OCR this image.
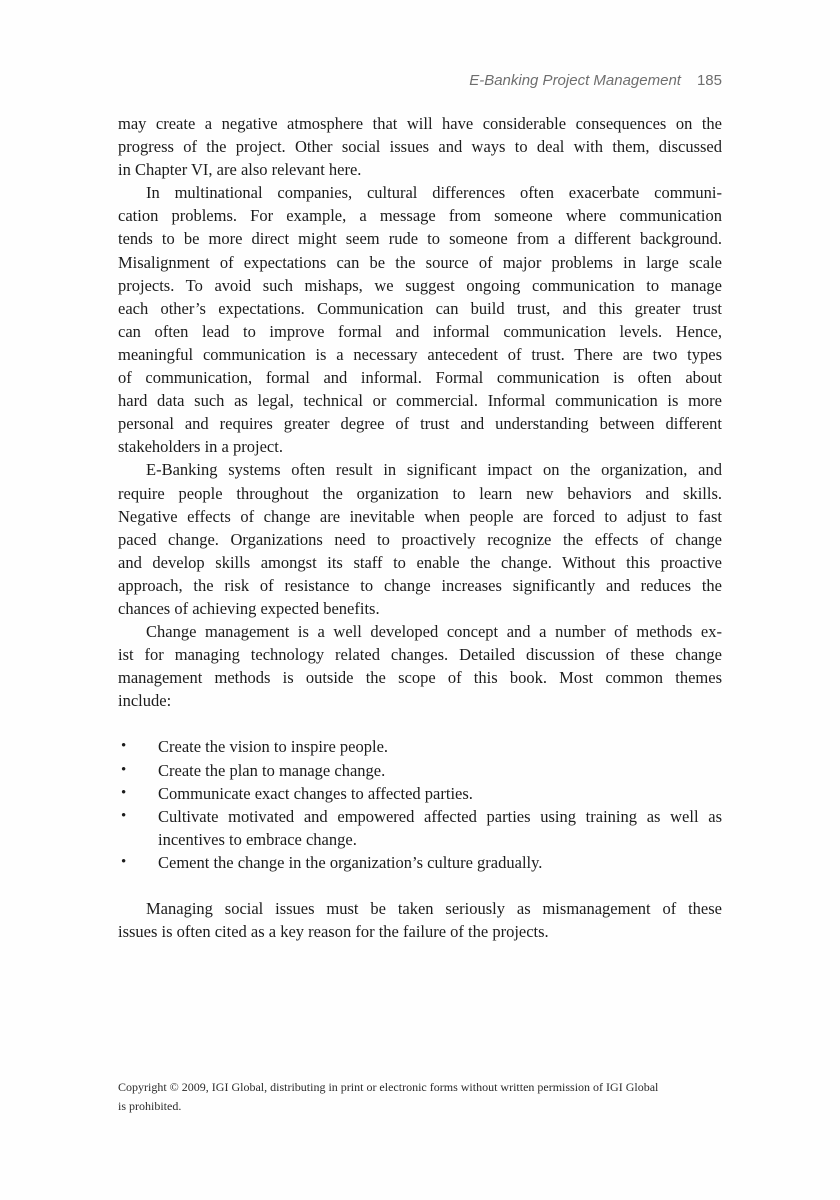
E-Banking Project Management 185
may create a negative atmosphere that will have considerable consequences on the
progress of the project. Other social issues and ways to deal with them, discussed
in Chapter VI, are also relevant here.
In multinational companies, cultural differences often exacerbate communi-
cation problems. For example, a message from someone where communication
tends to be more direct might seem rude to someone from a different background.
Misalignment of expectations can be the source of major problems in large scale
projects. To avoid such mishaps, we suggest ongoing communication to manage
each other’s expectations. Communication can build trust, and this greater trust
can often lead to improve formal and informal communication levels. Hence,
meaningful communication is a necessary antecedent of trust. There are two types
of communication, formal and informal. Formal communication is often about
hard data such as legal, technical or commercial. Informal communication is more
personal and requires greater degree of trust and understanding between different
stakeholders in a project.
E-Banking systems often result in significant impact on the organization, and
require people throughout the organization to learn new behaviors and skills.
Negative effects of change are inevitable when people are forced to adjust to fast
paced change. Organizations need to proactively recognize the effects of change
and develop skills amongst its staff to enable the change. Without this proactive
approach, the risk of resistance to change increases significantly and reduces the
chances of achieving expected benefits.
Change management is a well developed concept and a number of methods ex-
ist for managing technology related changes. Detailed discussion of these change
management methods is outside the scope of this book. Most common themes
include:
•	Create the vision to inspire people.
•	Create the plan to manage change.
•	Communicate exact changes to affected parties.
•	Cultivate motivated and empowered affected parties using training as well as
incentives to embrace change.
•	Cement the change in the organization’s culture gradually.
Managing social issues must be taken seriously as mismanagement of these
issues is often cited as a key reason for the failure of the projects.
Copyright © 2009, IGI Global, distributing in print or electronic forms without written permission of IGI Global
is prohibited.
